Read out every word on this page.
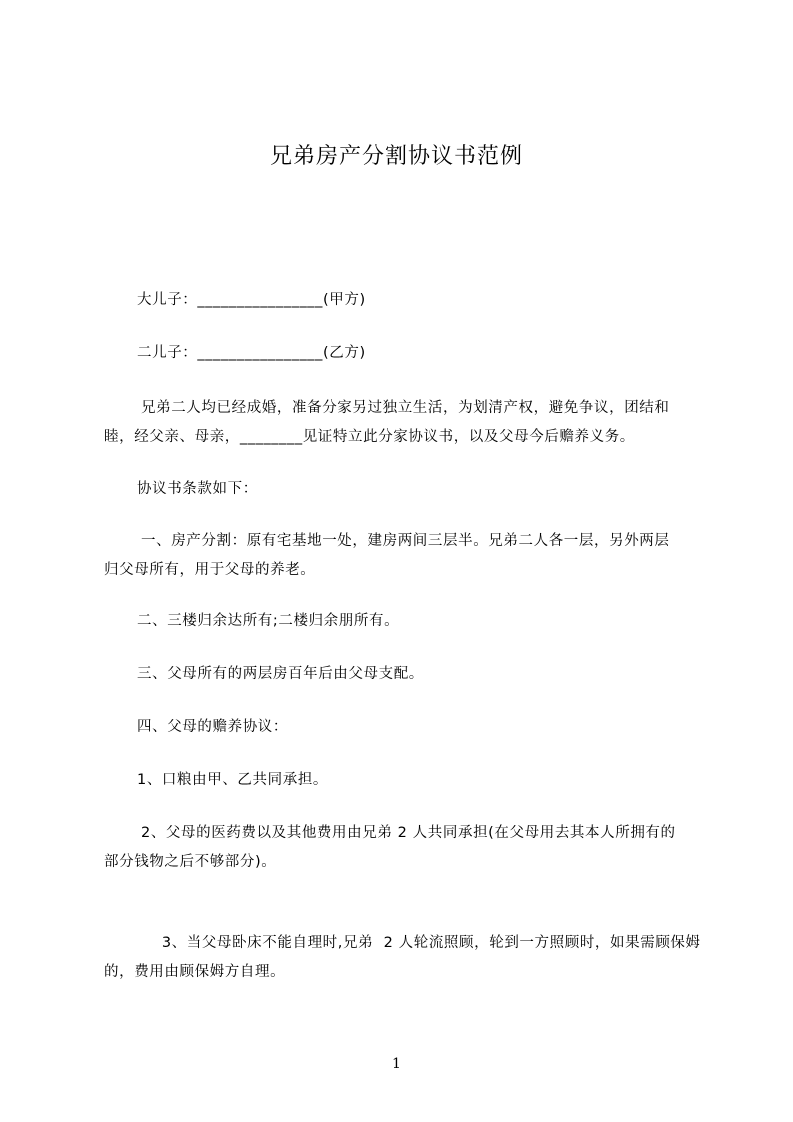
兄弟房产分割协议书范例
大儿子：________________(甲方)
二儿子：________________(乙方)
兄弟二人均已经成婚，准备分家另过独立生活，为划清产权，避免争议，团结和
睦，经父亲、母亲，________见证特立此分家协议书，以及父母今后赡养义务。
协议书条款如下：
一、房产分割：原有宅基地一处，建房两间三层半。兄弟二人各一层，另外两层
归父母所有，用于父母的养老。
二、三楼归余达所有;二楼归余朋所有。
三、父母所有的两层房百年后由父母支配。
四、父母的赡养协议：
1、口粮由甲、乙共同承担。
2、父母的医药费以及其他费用由兄弟 2 人共同承担(在父母用去其本人所拥有的
部分钱物之后不够部分)。

3、当父母卧床不能自理时,兄弟  2 人轮流照顾，轮到一方照顾时，如果需顾保姆
的，费用由顾保姆方自理。

1
